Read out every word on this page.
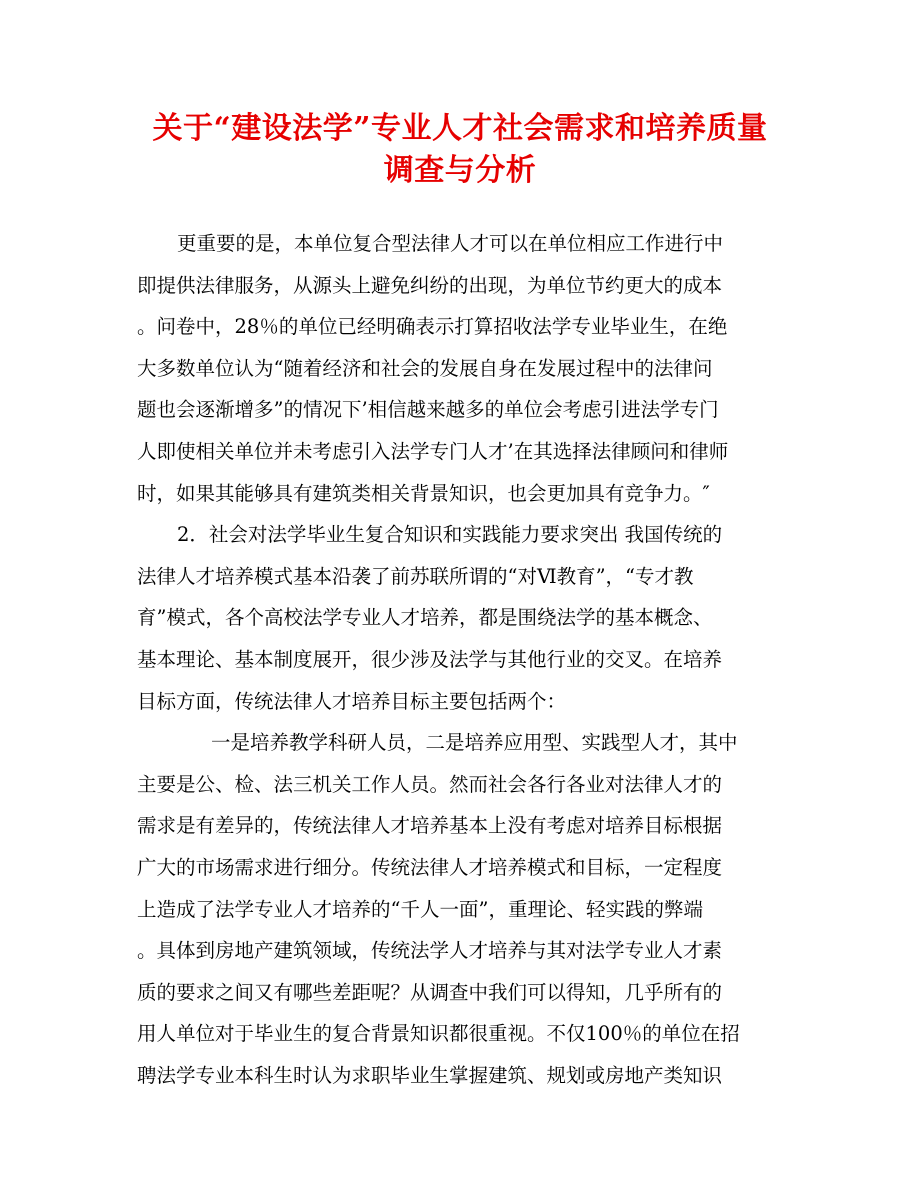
关于“建设法学”专业人才社会需求和培养质量
调查与分析
更重要的是，本单位复合型法律人才可以在单位相应工作进行中
即提供法律服务，从源头上避免纠纷的出现，为单位节约更大的成本
。问卷中，28％的单位已经明确表示打算招收法学专业毕业生，在绝
大多数单位认为“随着经济和社会的发展自身在发展过程中的法律问
题也会逐渐增多”的情况下’相信越来越多的单位会考虑引进法学专门
人即使相关单位并未考虑引入法学专门人才’在其选择法律顾问和律师
时，如果其能够具有建筑类相关背景知识，也会更加具有竞争力。″
2．社会对法学毕业生复合知识和实践能力要求突出 我国传统的
法律人才培养模式基本沿袭了前苏联所谓的“对Ⅵ教育”，“专才教
育”模式，各个高校法学专业人才培养，都是围绕法学的基本概念、
基本理论、基本制度展开，很少涉及法学与其他行业的交叉。在培养
目标方面，传统法律人才培养目标主要包括两个：
一是培养教学科研人员，二是培养应用型、实践型人才，其中
主要是公、检、法三机关工作人员。然而社会各行各业对法律人才的
需求是有差异的，传统法律人才培养基本上没有考虑对培养目标根据
广大的市场需求进行细分。传统法律人才培养模式和目标，一定程度
上造成了法学专业人才培养的“千人一面”，重理论、轻实践的弊端
。具体到房地产建筑领域，传统法学人才培养与其对法学专业人才素
质的要求之间又有哪些差距呢？从调查中我们可以得知，几乎所有的
用人单位对于毕业生的复合背景知识都很重视。不仅100％的单位在招
聘法学专业本科生时认为求职毕业生掌握建筑、规划或房地产类知识
